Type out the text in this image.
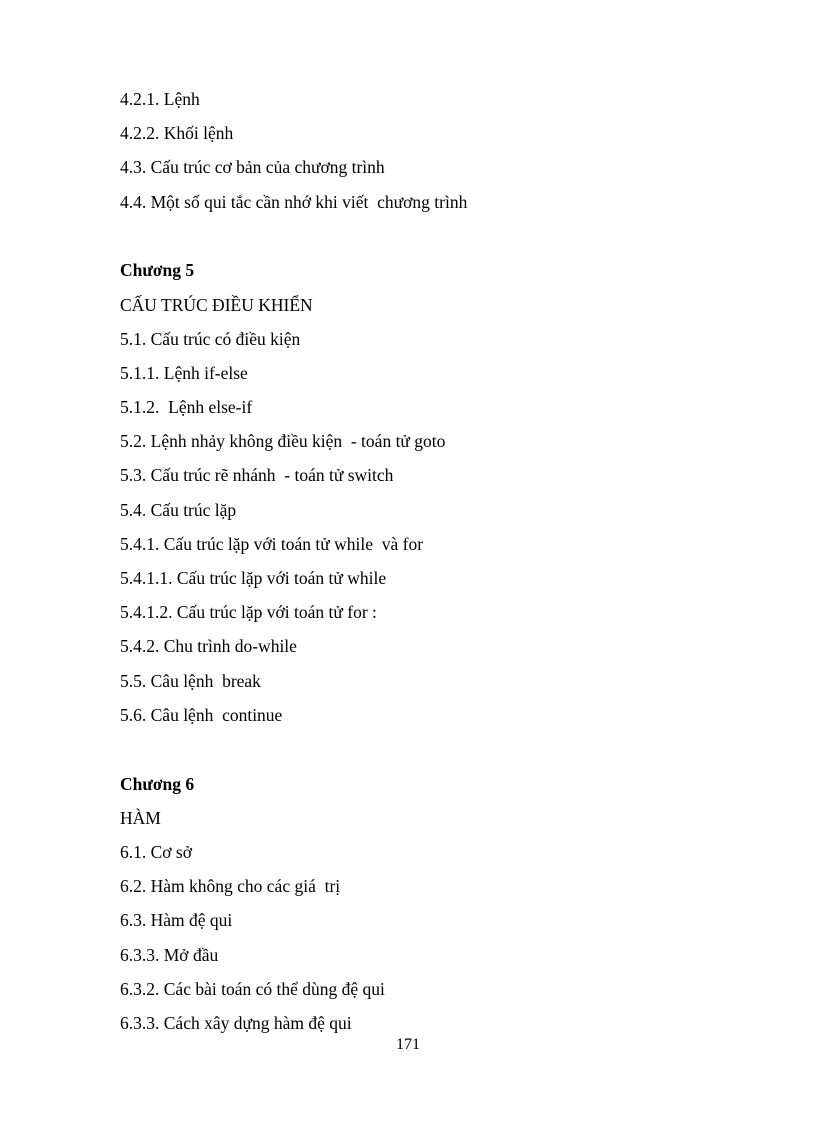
4.2.1. Lệnh
4.2.2. Khối lệnh
4.3. Cấu trúc cơ bản của chương trình
4.4. Một số qui tắc cần nhớ khi viết  chương trình
Chương 5
CẤU TRÚC ĐIỀU KHIỂN
5.1. Cấu trúc có điều kiện
5.1.1. Lệnh if-else
5.1.2.  Lệnh else-if
5.2. Lệnh nhảy không điều kiện  - toán tử goto
5.3. Cấu trúc rẽ nhánh  - toán tử switch
5.4. Cấu trúc lặp
5.4.1. Cấu trúc lặp với toán tử while  và for
5.4.1.1. Cấu trúc lặp với toán tử while
5.4.1.2. Cấu trúc lặp với toán tử for :
5.4.2. Chu trình do-while
5.5. Câu lệnh  break
5.6. Câu lệnh  continue
Chương 6
HÀM
6.1. Cơ sở
6.2. Hàm không cho các giá  trị
6.3. Hàm đệ qui
6.3.3. Mở đầu
6.3.2. Các bài toán có thể dùng đệ qui
6.3.3. Cách xây dựng hàm đệ qui
171
